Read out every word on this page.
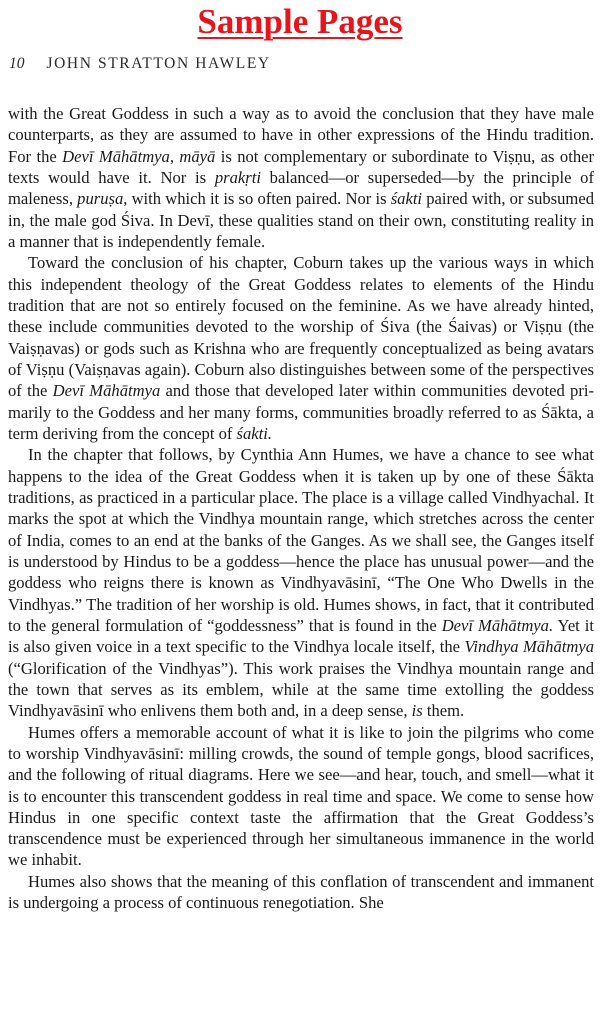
Sample Pages
10 JOHN STRATTON HAWLEY

with the Great Goddess in such a way as to avoid the conclusion that they have male counterparts, as they are assumed to have in other expressions of the Hindu tradition. For the Devī Māhātmya, māyā is not complementary or subordinate to Viṣṇu, as other texts would have it. Nor is prakṛti balanced—or superseded—by the principle of maleness, puruṣa, with which it is so often paired. Nor is śakti paired with, or subsumed in, the male god Śiva. In Devī, these qualities stand on their own, constituting reality in a manner that is independently female.

Toward the conclusion of his chapter, Coburn takes up the various ways in which this independent theology of the Great Goddess relates to elements of the Hindu tradition that are not so entirely focused on the feminine. As we have already hinted, these include communities devoted to the worship of Śiva (the Śaivas) or Viṣṇu (the Vaiṣṇavas) or gods such as Krishna who are frequently conceptualized as being avatars of Viṣṇu (Vaiṣṇavas again). Coburn also distinguishes between some of the perspectives of the Devī Māhātmya and those that developed later within communities devoted primarily to the Goddess and her many forms, communities broadly referred to as Śākta, a term deriving from the concept of śakti.

In the chapter that follows, by Cynthia Ann Humes, we have a chance to see what happens to the idea of the Great Goddess when it is taken up by one of these Śākta traditions, as practiced in a particular place. The place is a village called Vindhyachal. It marks the spot at which the Vindhya mountain range, which stretches across the center of India, comes to an end at the banks of the Ganges. As we shall see, the Ganges itself is understood by Hindus to be a goddess—hence the place has unusual power—and the goddess who reigns there is known as Vindhyavāsinī, “The One Who Dwells in the Vindhyas.” The tradition of her worship is old. Humes shows, in fact, that it contributed to the general formulation of “goddessness” that is found in the Devī Māhātmya. Yet it is also given voice in a text specific to the Vindhya locale itself, the Vindhya Māhātmya (“Glorification of the Vindhyas”). This work praises the Vindhya mountain range and the town that serves as its emblem, while at the same time extolling the goddess Vindhyavāsinī who enlivens them both and, in a deep sense, is them.

Humes offers a memorable account of what it is like to join the pilgrims who come to worship Vindhyavāsinī: milling crowds, the sound of temple gongs, blood sacrifices, and the following of ritual diagrams. Here we see—and hear, touch, and smell—what it is to encounter this transcendent goddess in real time and space. We come to sense how Hindus in one specific context taste the affirmation that the Great Goddess’s transcendence must be experienced through her simultaneous immanence in the world we inhabit.

Humes also shows that the meaning of this conflation of transcendent and immanent is undergoing a process of continuous renegotiation. She
